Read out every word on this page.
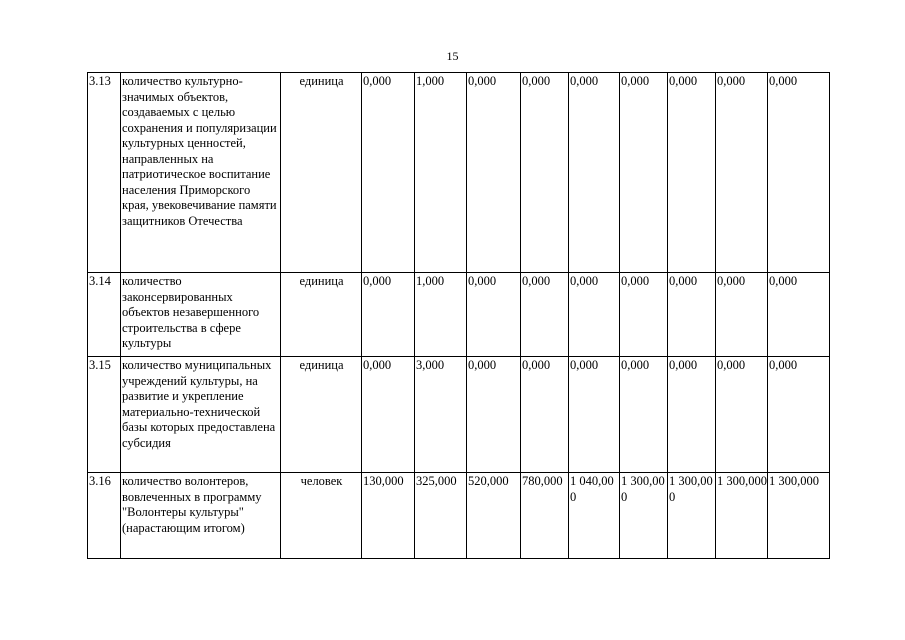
15
3.13	количество культурно-значимых объектов, создаваемых с целью сохранения и популяризации культурных ценностей, направленных на патриотическое воспитание населения Приморского края, увековечивание памяти защитников Отечества	единица	0,000	1,000	0,000	0,000	0,000	0,000	0,000	0,000	0,000
3.14	количество законсервированных объектов незавершенного строительства в сфере культуры	единица	0,000	1,000	0,000	0,000	0,000	0,000	0,000	0,000	0,000
3.15	количество муниципальных учреждений культуры, на развитие и укрепление материально-технической базы которых предоставлена субсидия	единица	0,000	3,000	0,000	0,000	0,000	0,000	0,000	0,000	0,000
3.16	количество волонтеров, вовлеченных в программу "Волонтеры культуры" (нарастающим итогом)	человек	130,000	325,000	520,000	780,000	1 040,000	1 300,000	1 300,000	1 300,000	1 300,000
